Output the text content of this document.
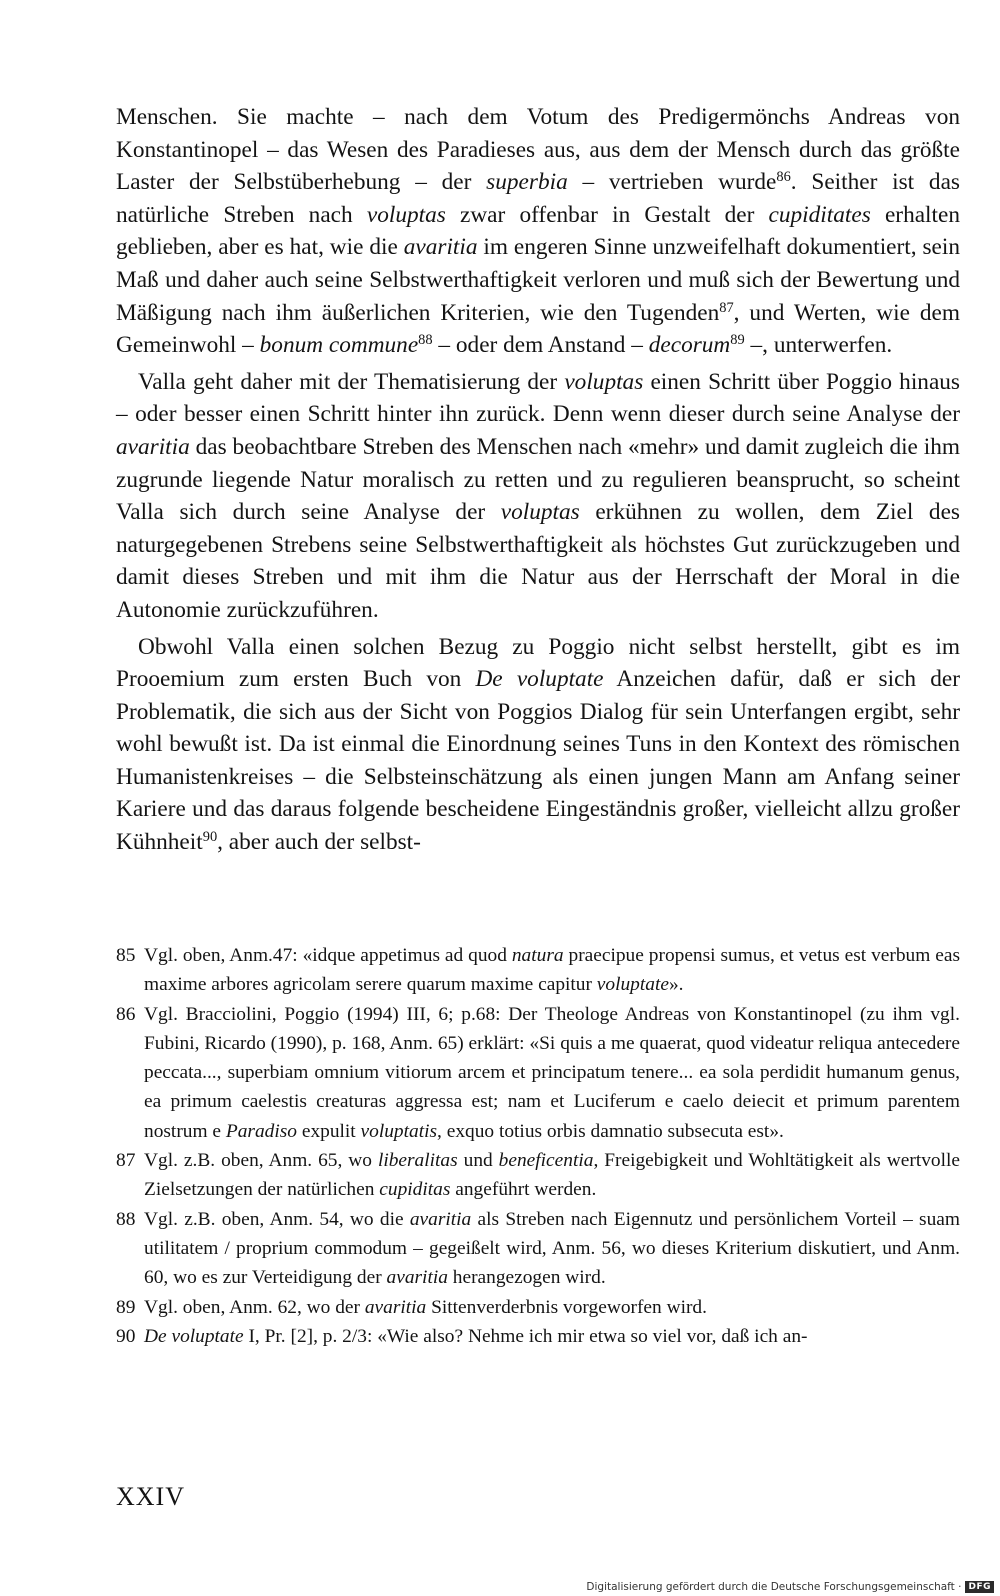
Menschen. Sie machte – nach dem Votum des Predigermönchs Andreas von Konstantinopel – das Wesen des Paradieses aus, aus dem der Mensch durch das größte Laster der Selbstüberhebung – der superbia – vertrieben wurde$^{86}$. Seither ist das natürliche Streben nach voluptas zwar offenbar in Gestalt der cupiditates erhalten geblieben, aber es hat, wie die avaritia im engeren Sinne unzweifelhaft dokumentiert, sein Maß und daher auch seine Selbstwerthaftigkeit verloren und muß sich der Bewertung und Mäßigung nach ihm äußerlichen Kriterien, wie den Tugenden$^{87}$, und Werten, wie dem Gemeinwohl – bonum commune$^{88}$ – oder dem Anstand – decorum$^{89}$ –, unterwerfen.

Valla geht daher mit der Thematisierung der voluptas einen Schritt über Poggio hinaus – oder besser einen Schritt hinter ihn zurück. Denn wenn dieser durch seine Analyse der avaritia das beobachtbare Streben des Menschen nach «mehr» und damit zugleich die ihm zugrunde liegende Natur moralisch zu retten und zu regulieren beansprucht, so scheint Valla sich durch seine Analyse der voluptas erkühnen zu wollen, dem Ziel des naturgegebenen Strebens seine Selbstwerthaftigkeit als höchstes Gut zurückzugeben und damit dieses Streben und mit ihm die Natur aus der Herrschaft der Moral in die Autonomie zurückzuführen.

Obwohl Valla einen solchen Bezug zu Poggio nicht selbst herstellt, gibt es im Prooemium zum ersten Buch von De voluptate Anzeichen dafür, daß er sich der Problematik, die sich aus der Sicht von Poggios Dialog für sein Unterfangen ergibt, sehr wohl bewußt ist. Da ist einmal die Einordnung seines Tuns in den Kontext des römischen Humanistenkreises – die Selbsteinschätzung als einen jungen Mann am Anfang seiner Kariere und das daraus folgende bescheidene Eingeständnis großer, vielleicht allzu großer Kühnheit$^{90}$, aber auch der selbst-

85 Vgl. oben, Anm.47: «idque appetimus ad quod natura praecipue propensi sumus, et vetus est verbum eas maxime arbores agricolam serere quarum maxime capitur voluptate».
86 Vgl. Bracciolini, Poggio (1994) III, 6; p.68: Der Theologe Andreas von Konstantinopel (zu ihm vgl. Fubini, Ricardo (1990), p. 168, Anm. 65) erklärt: «Si quis a me quaerat, quod videatur reliqua antecedere peccata..., superbiam omnium vitiorum arcem et principatum tenere... ea sola perdidit humanum genus, ea primum caelestis creaturas aggressa est; nam et Luciferum e caelo deiecit et primum parentem nostrum e Paradiso expulit voluptatis, exquo totius orbis damnatio subsecuta est».
87 Vgl. z.B. oben, Anm. 65, wo liberalitas und beneficentia, Freigebigkeit und Wohltätigkeit als wertvolle Zielsetzungen der natürlichen cupiditas angeführt werden.
88 Vgl. z.B. oben, Anm. 54, wo die avaritia als Streben nach Eigennutz und persönlichem Vorteil – suam utilitatem / proprium commodum – gegeißelt wird, Anm. 56, wo dieses Kriterium diskutiert, und Anm. 60, wo es zur Verteidigung der avaritia herangezogen wird.
89 Vgl. oben, Anm. 62, wo der avaritia Sittenverderbnis vorgeworfen wird.
90 De voluptate I, Pr. [2], p. 2/3: «Wie also? Nehme ich mir etwa so viel vor, daß ich an-
XXIV
Digitalisierung gefördert durch die Deutsche Forschungsgemeinschaft · DFG
